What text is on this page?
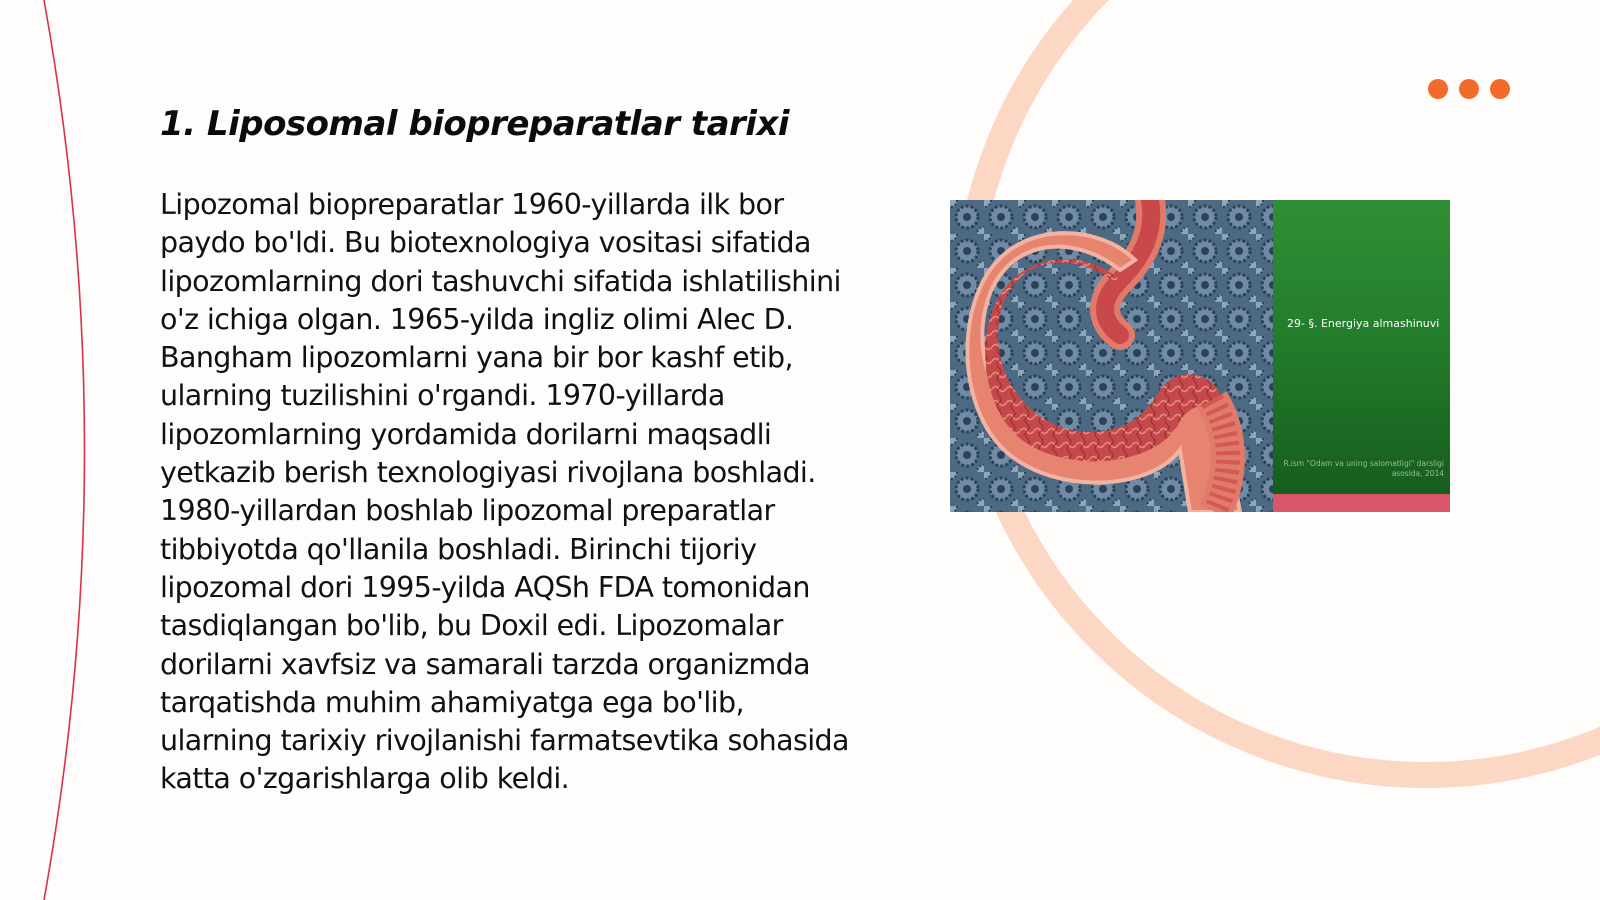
1. Liposomal biopreparatlar tarixi

Lipozomal biopreparatlar 1960-yillarda ilk bor paydo bo'ldi. Bu biotexnologiya vositasi sifatida lipozomlarning dori tashuvchi sifatida ishlatilishini o'z ichiga olgan. 1965-yilda ingliz olimi Alec D. Bangham lipozomlarni yana bir bor kashf etib, ularning tuzilishini o'rgandi. 1970-yillarda lipozomlarning yordamida dorilarni maqsadli yetkazib berish texnologiyasi rivojlana boshladi. 1980-yillardan boshlab lipozomal preparatlar tibbiyotda qo'llanila boshladi. Birinchi tijoriy lipozomal dori 1995-yilda AQSh FDA tomonidan tasdiqlangan bo'lib, bu Doxil edi. Lipozomalar dorilarni xavfsiz va samarali tarzda organizmda tarqatishda muhim ahamiyatga ega bo'lib, ularning tarixiy rivojlanishi farmatsevtika sohasida katta o'zgarishlarga olib keldi.

29- §. Energiya almashinuvi
R.ism "Odam va uning salomatligi" darsligi asosida, 2014
